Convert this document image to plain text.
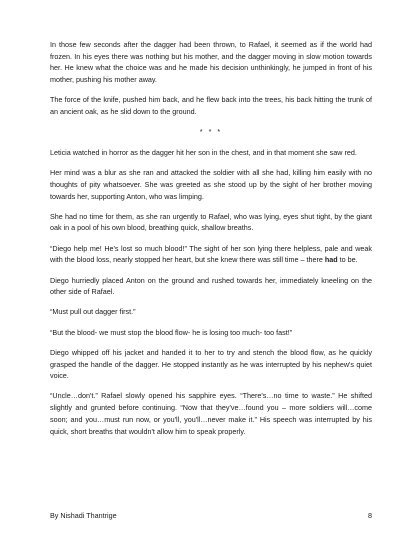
In those few seconds after the dagger had been thrown, to Rafael, it seemed as if the world had frozen. In his eyes there was nothing but his mother, and the dagger moving in slow motion towards her. He knew what the choice was and he made his decision unthinkingly, he jumped in front of his mother, pushing his mother away.

The force of the knife, pushed him back, and he flew back into the trees, his back hitting the trunk of an ancient oak, as he slid down to the ground.

* * *

Leticia watched in horror as the dagger hit her son in the chest, and in that moment she saw red.

Her mind was a blur as she ran and attacked the soldier with all she had, killing him easily with no thoughts of pity whatsoever. She was greeted as she stood up by the sight of her brother moving towards her, supporting Anton, who was limping.

She had no time for them, as she ran urgently to Rafael, who was lying, eyes shut tight, by the giant oak in a pool of his own blood, breathing quick, shallow breaths.

“Diego help me! He's lost so much blood!” The sight of her son lying there helpless, pale and weak with the blood loss, nearly stopped her heart, but she knew there was still time – there had to be.

Diego hurriedly placed Anton on the ground and rushed towards her, immediately kneeling on the other side of Rafael.

“Must pull out dagger first.”

“But the blood- we must stop the blood flow- he is losing too much- too fast!”

Diego whipped off his jacket and handed it to her to try and stench the blood flow, as he quickly grasped the handle of the dagger. He stopped instantly as he was interrupted by his nephew's quiet voice.

“Uncle…don't.” Rafael slowly opened his sapphire eyes. “There's…no time to waste.” He shifted slightly and grunted before continuing. “Now that they've…found you – more soldiers will…come soon; and you…must run now, or you'll, you'll…never make it.” His speech was interrupted by his quick, short breaths that wouldn't allow him to speak properly.

By Nishadi Thantrige	8
